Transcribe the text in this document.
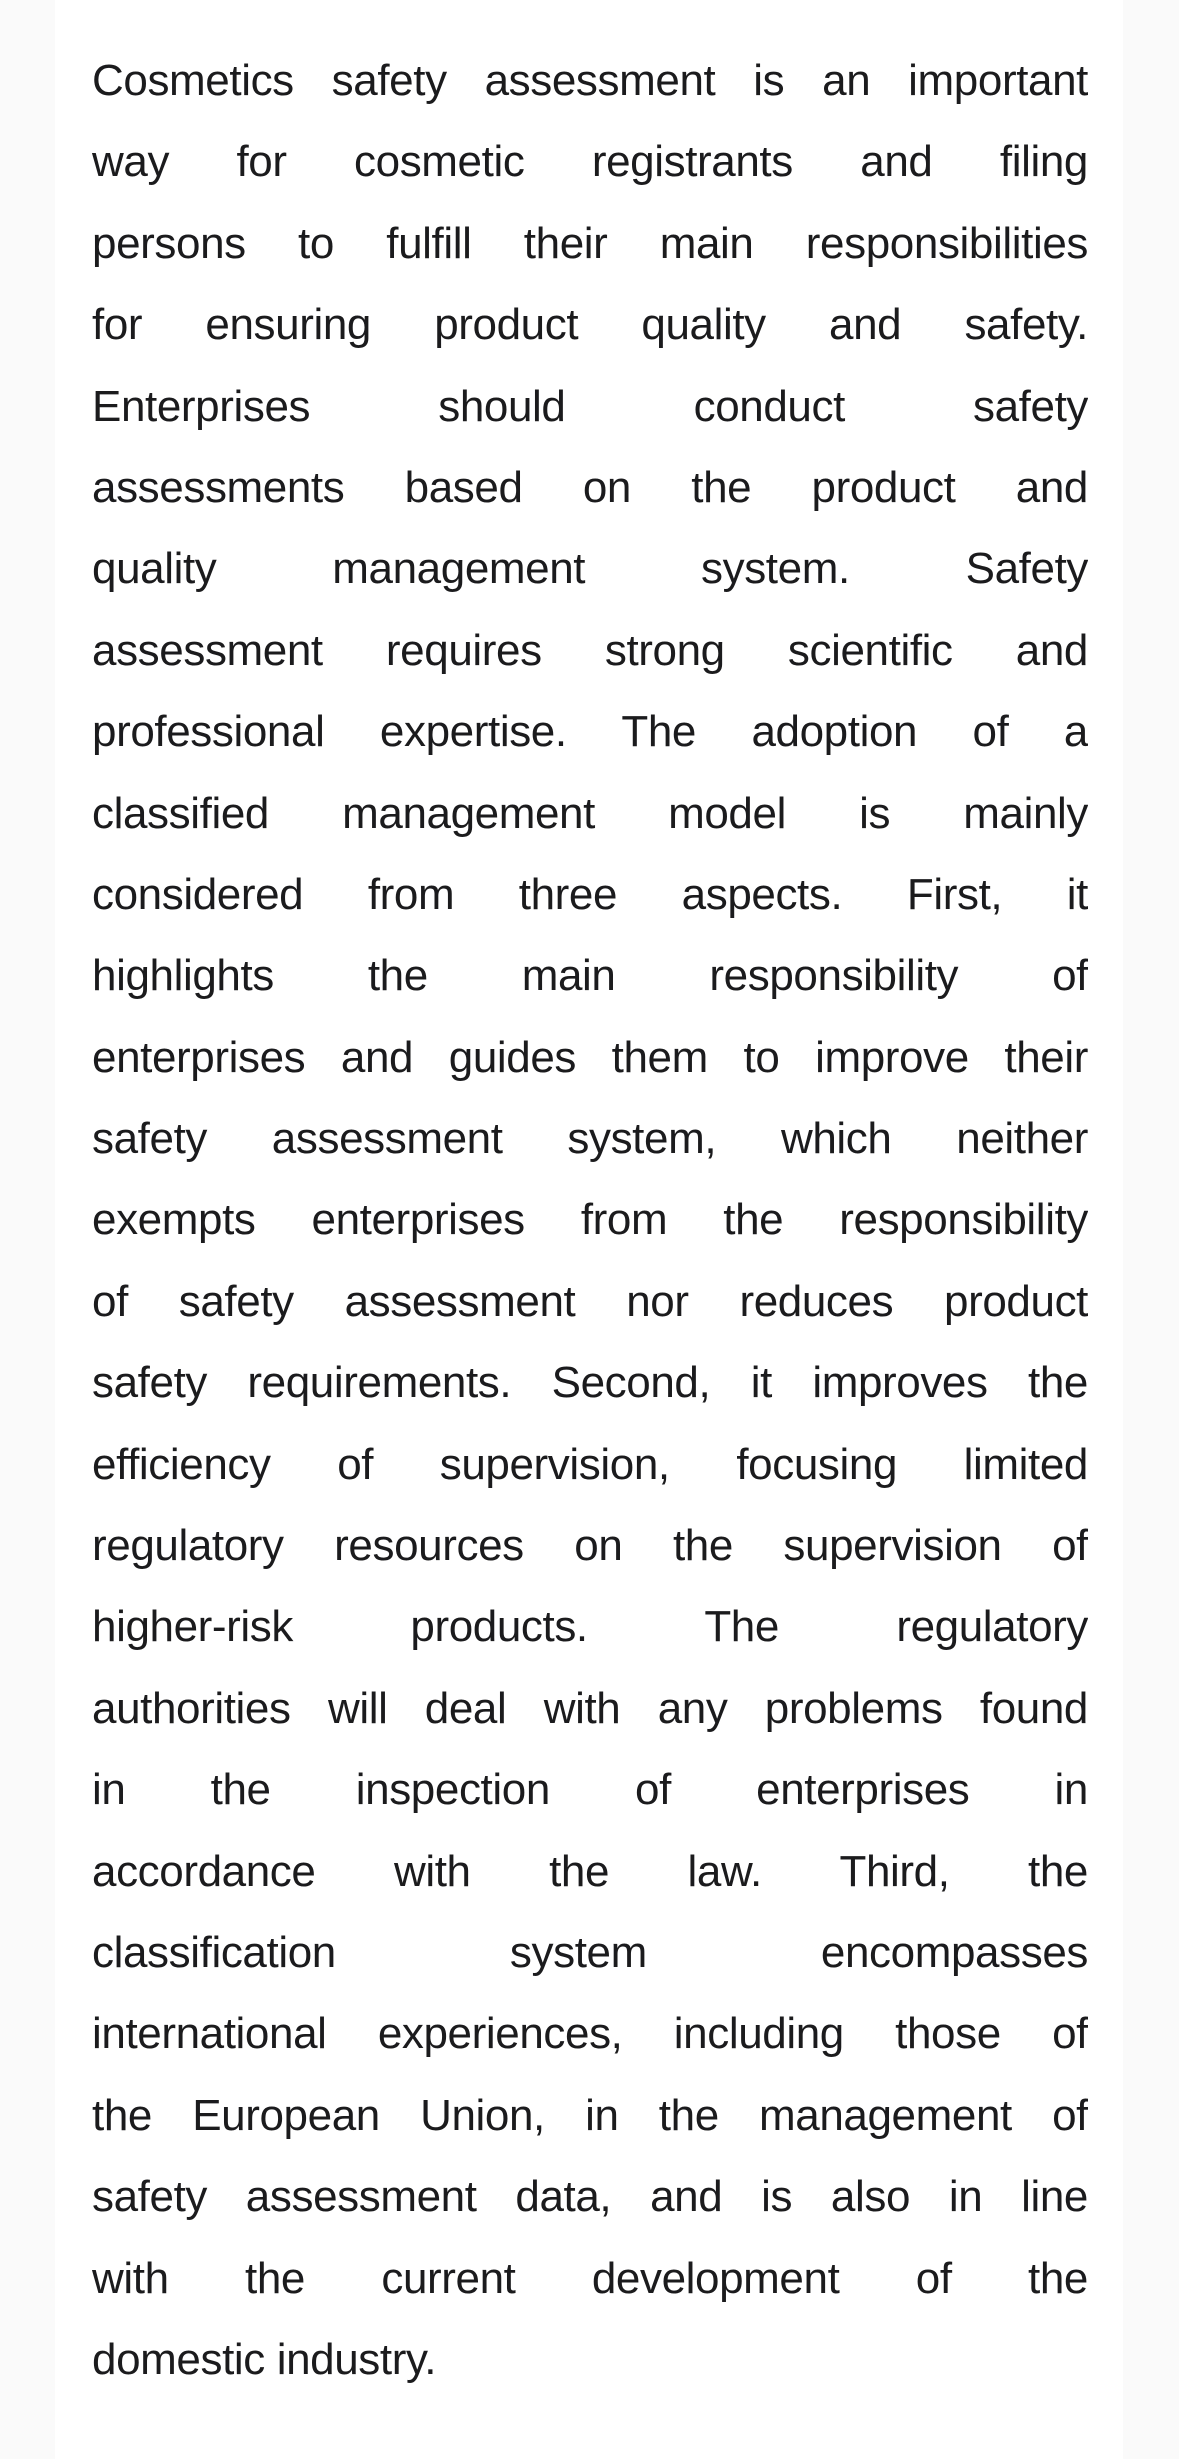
Cosmetics safety assessment is an important
way for cosmetic registrants and filing
persons to fulfill their main responsibilities
for ensuring product quality and safety.
Enterprises should conduct safety
assessments based on the product and
quality management system. Safety
assessment requires strong scientific and
professional expertise. The adoption of a
classified management model is mainly
considered from three aspects. First, it
highlights the main responsibility of
enterprises and guides them to improve their
safety assessment system, which neither
exempts enterprises from the responsibility
of safety assessment nor reduces product
safety requirements. Second, it improves the
efficiency of supervision, focusing limited
regulatory resources on the supervision of
higher-risk products. The regulatory
authorities will deal with any problems found
in the inspection of enterprises in
accordance with the law. Third, the
classification system encompasses
international experiences, including those of
the European Union, in the management of
safety assessment data, and is also in line
with the current development of the
domestic industry.
